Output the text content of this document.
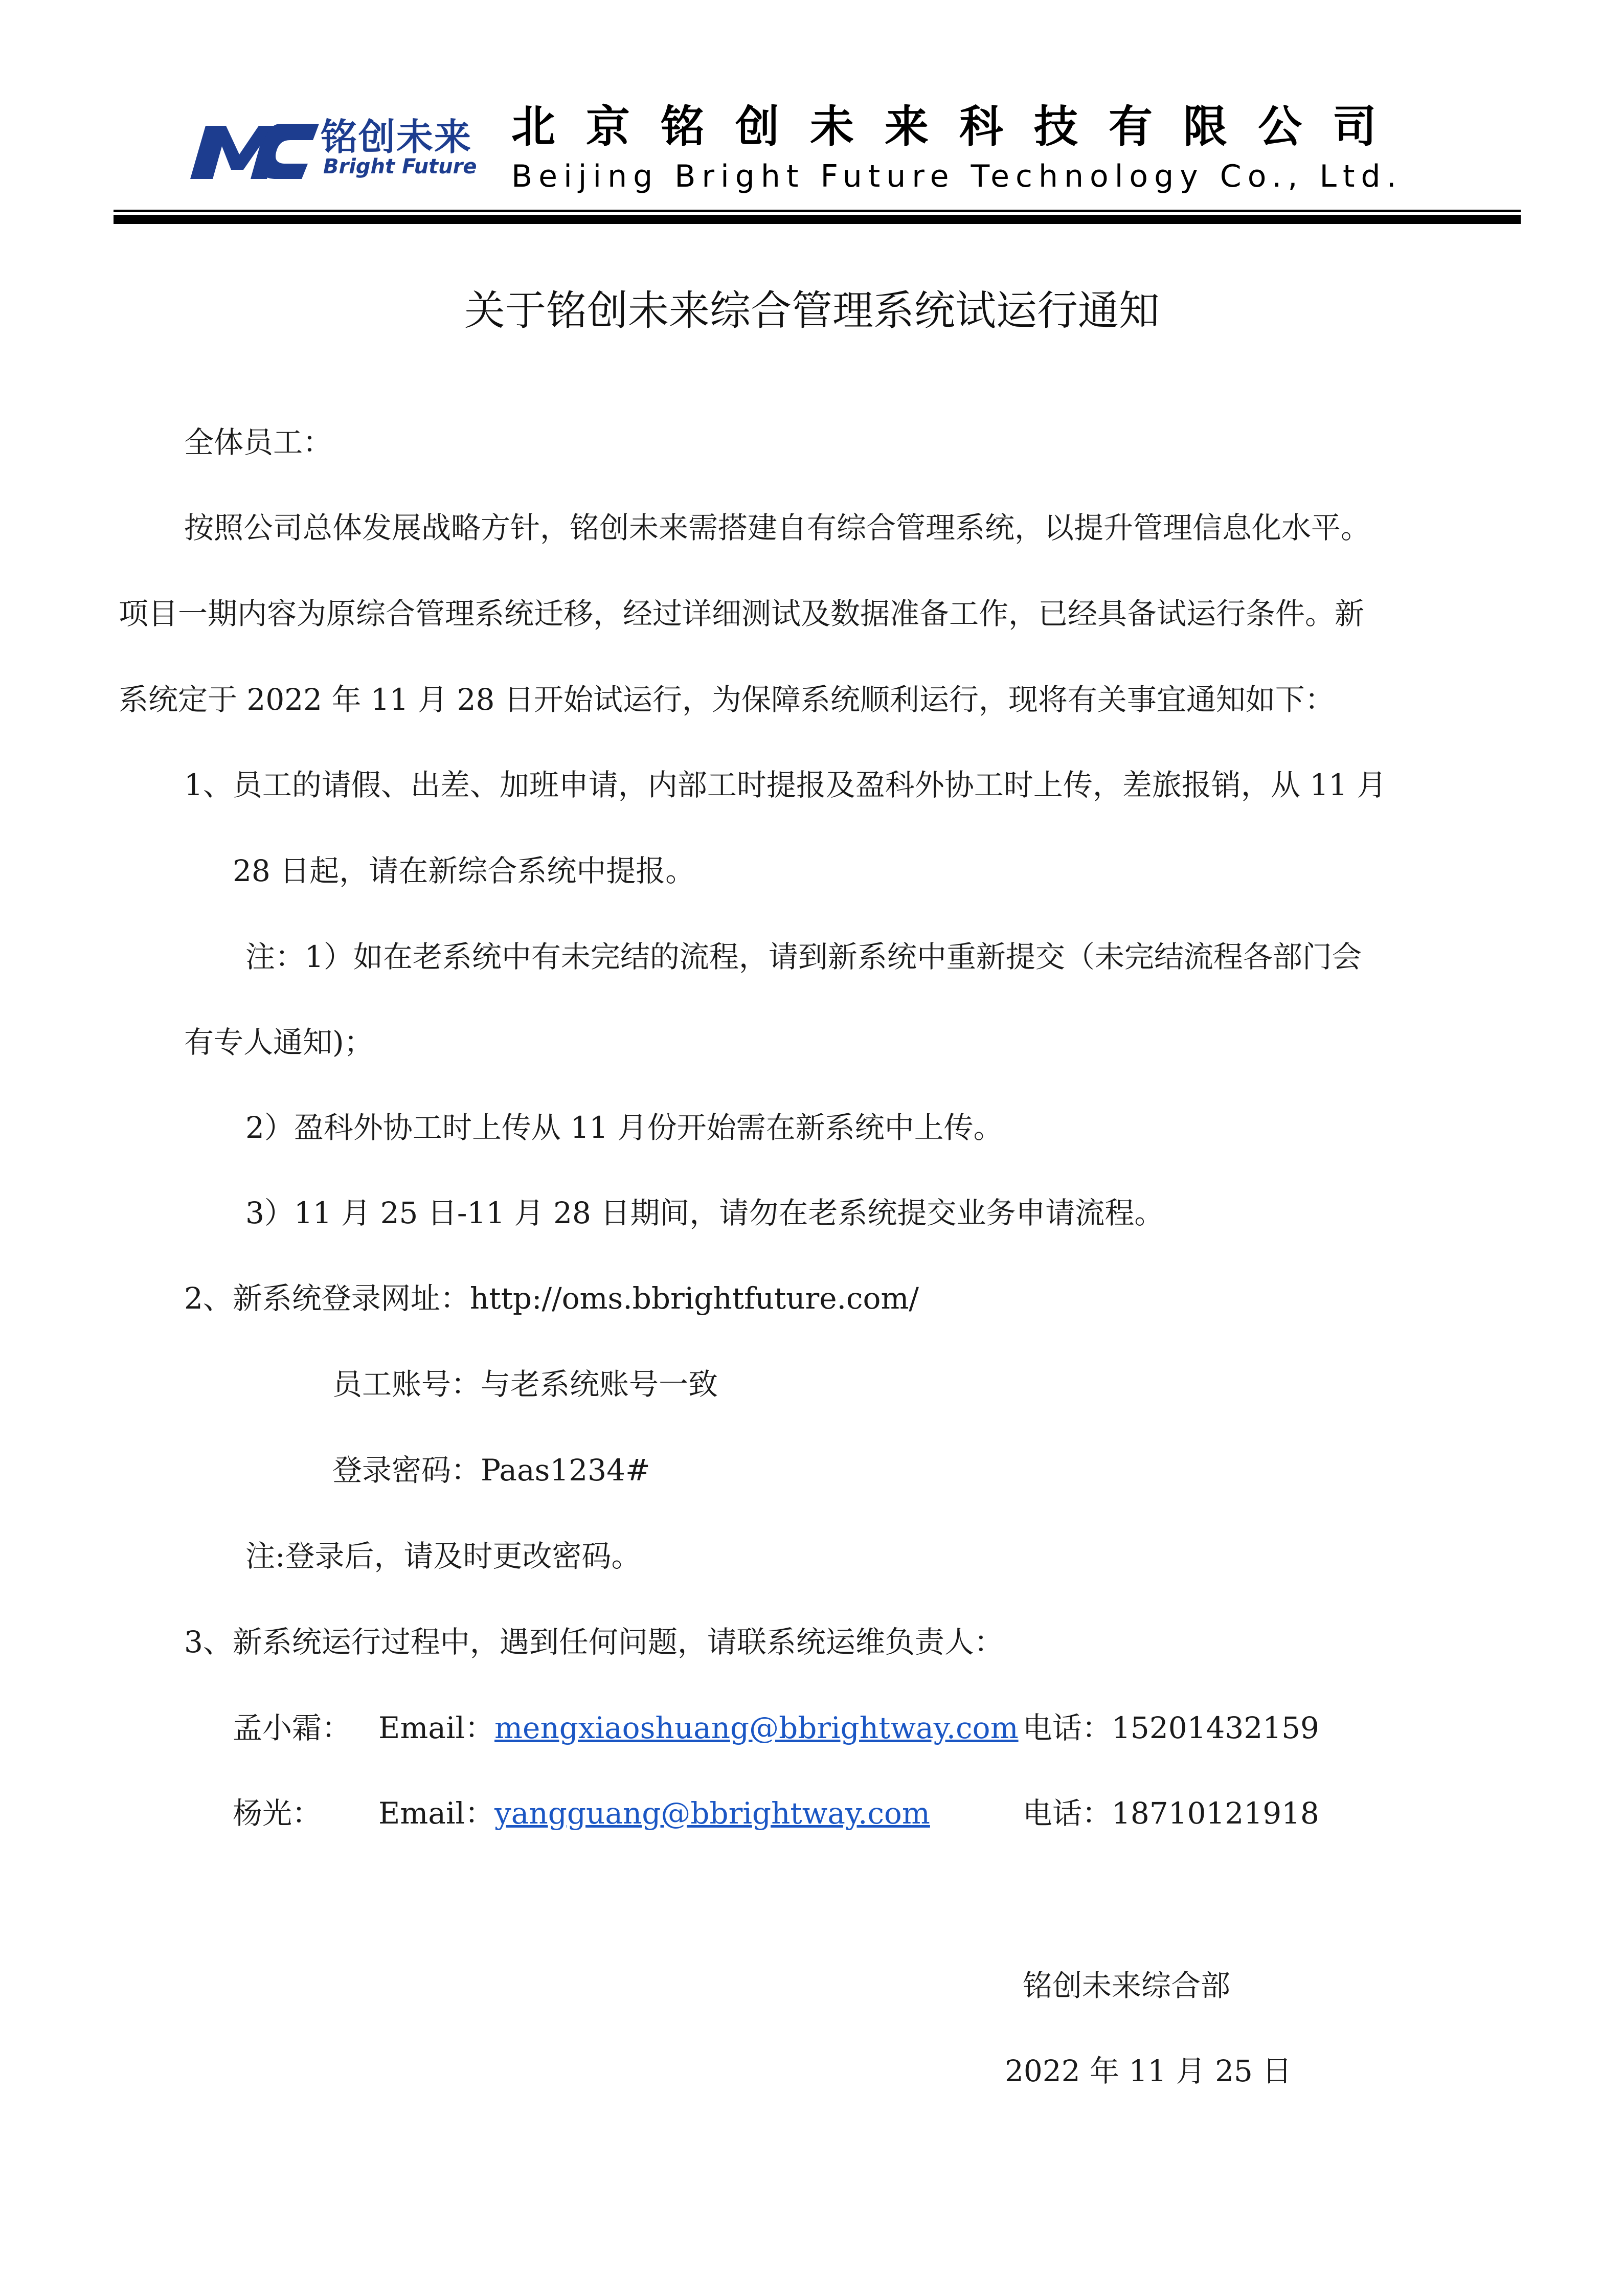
铭创未来
Bright Future
北京铭创未来科技有限公司
Beijing Bright Future Technology Co., Ltd.
关于铭创未来综合管理系统试运行通知
全体员工：
按照公司总体发展战略方针，铭创未来需搭建自有综合管理系统，以提升管理信息化水平。
项目一期内容为原综合管理系统迁移，经过详细测试及数据准备工作，已经具备试运行条件。新
系统定于 2022 年 11 月 28 日开始试运行，为保障系统顺利运行，现将有关事宜通知如下：
1、员工的请假、出差、加班申请，内部工时提报及盈科外协工时上传，差旅报销，从 11 月
28 日起，请在新综合系统中提报。
注：1）如在老系统中有未完结的流程，请到新系统中重新提交（未完结流程各部门会
有专人通知)；
2）盈科外协工时上传从 11 月份开始需在新系统中上传。
3）11 月 25 日-11 月 28 日期间，请勿在老系统提交业务申请流程。
2、新系统登录网址：http://oms.bbrightfuture.com/
员工账号：与老系统账号一致
登录密码：Paas1234#
注:登录后，请及时更改密码。
3、新系统运行过程中，遇到任何问题，请联系统运维负责人：
孟小霜： Email：mengxiaoshuang@bbrightway.com 电话：15201432159
杨光： Email：yangguang@bbrightway.com	电话：18710121918
铭创未来综合部
2022 年 11 月 25 日
